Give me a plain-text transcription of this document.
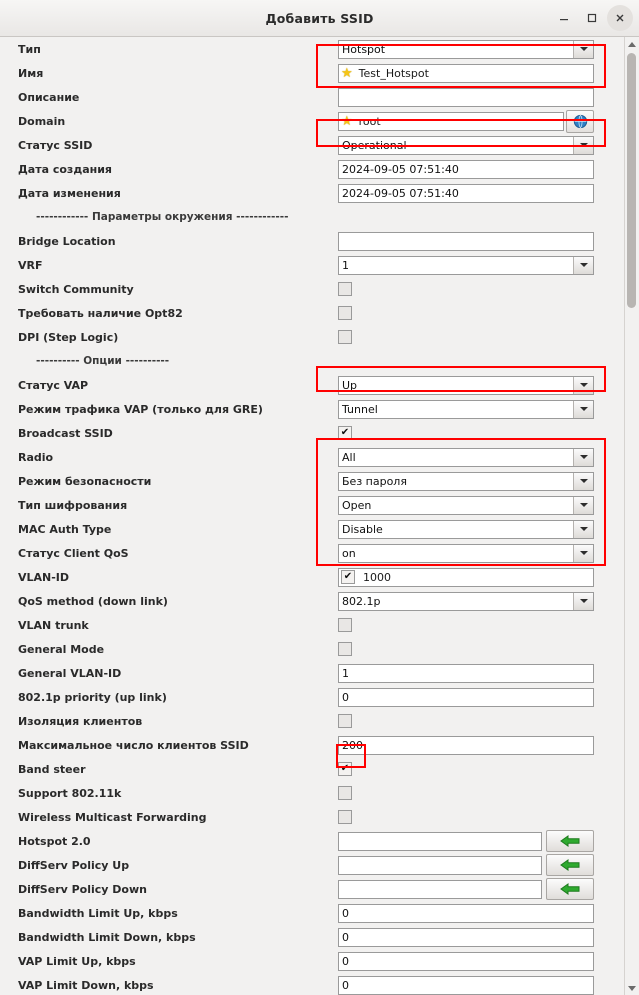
Добавить SSID
Тип	Hotspot
Имя	★ Test_Hotspot
Описание
Domain	★ root
Статус SSID	Operational
Дата создания	2024-09-05 07:51:40
Дата изменения	2024-09-05 07:51:40
------------ Параметры окружения ------------
Bridge Location
VRF	1
Switch Community
Требовать наличие Opt82
DPI (Step Logic)
---------- Опции ----------
Статус VAP	Up
Режим трафика VAP (только для GRE)	Tunnel
Broadcast SSID	✔
Radio	All
Режим безопасности	Без пароля
Тип шифрования	Open
MAC Auth Type	Disable
Статус Client QoS	on
VLAN-ID	✔ 1000
QoS method (down link)	802.1p
VLAN trunk
General Mode
General VLAN-ID	1
802.1p priority (up link)	0
Изоляция клиентов
Максимальное число клиентов SSID	200
Band steer	✔
Support 802.11k
Wireless Multicast Forwarding
Hotspot 2.0
DiffServ Policy Up
DiffServ Policy Down
Bandwidth Limit Up, kbps	0
Bandwidth Limit Down, kbps	0
VAP Limit Up, kbps	0
VAP Limit Down, kbps	0
